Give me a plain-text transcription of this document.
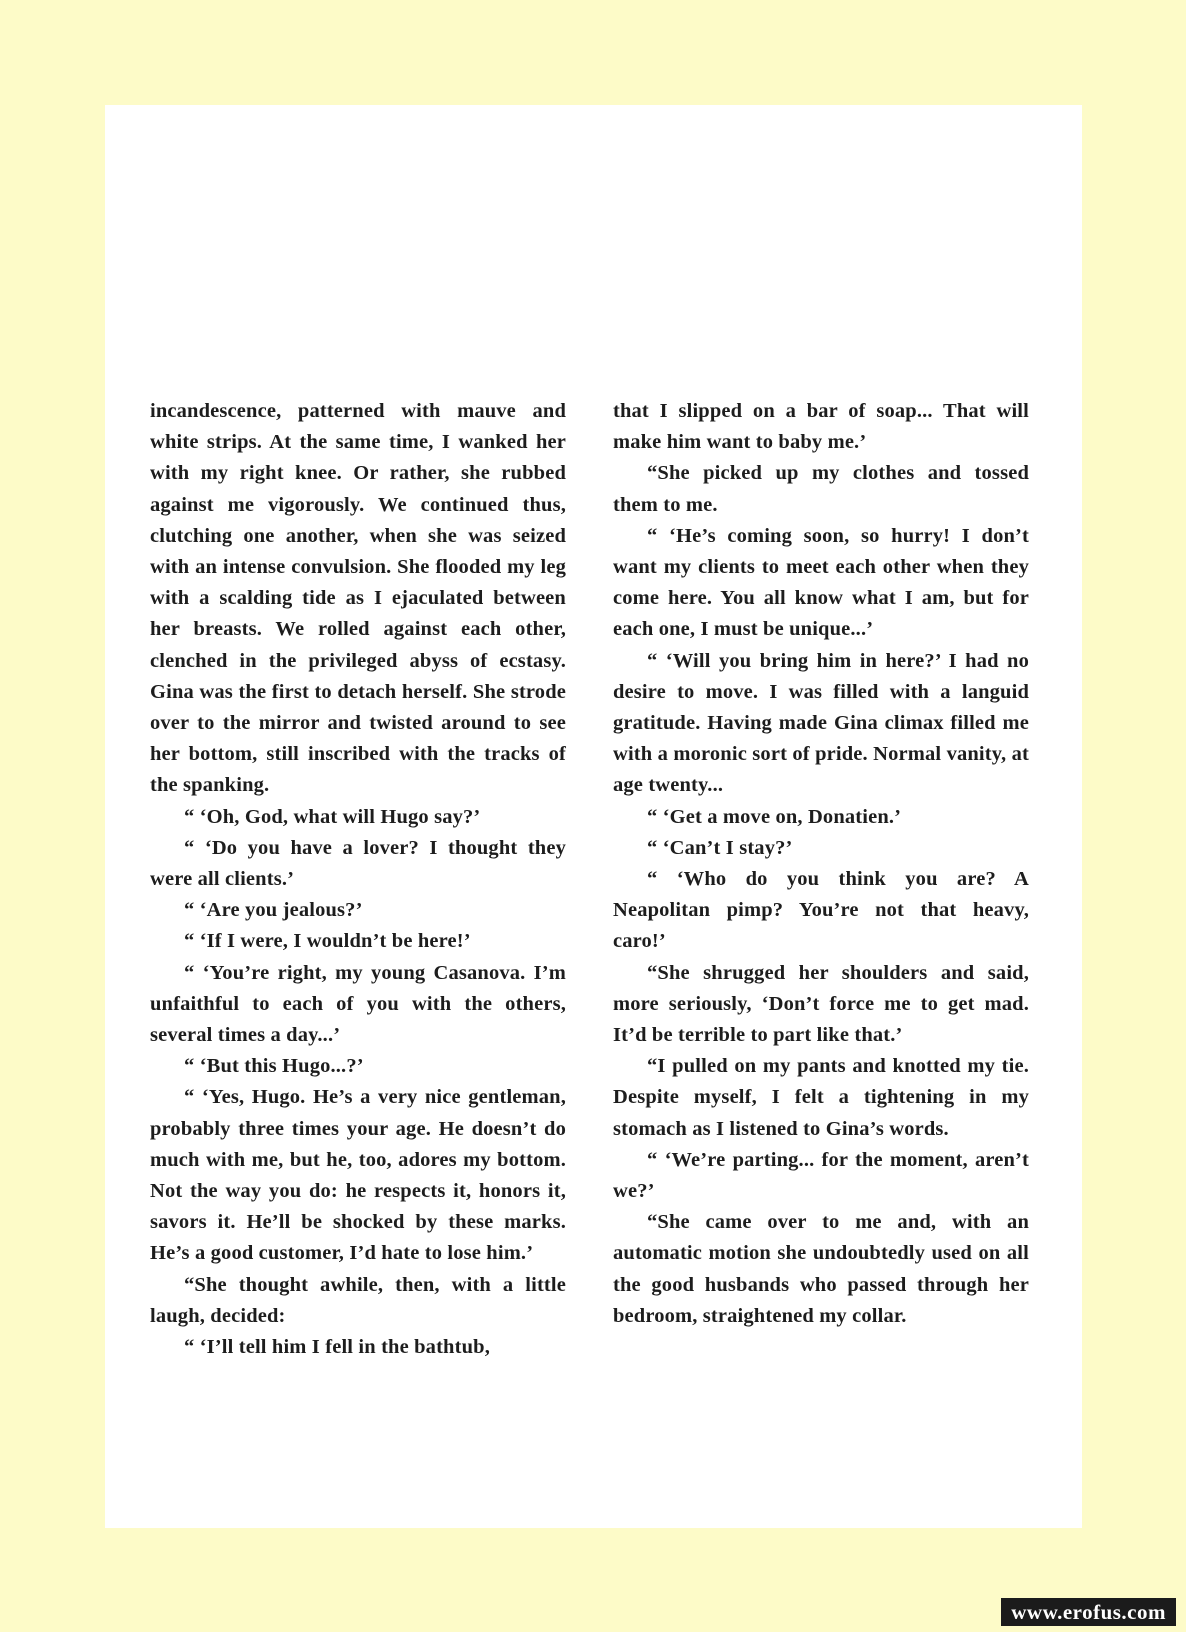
incandescence, patterned with mauve and white strips. At the same time, I wanked her with my right knee. Or rather, she rubbed against me vigorously. We continued thus, clutching one another, when she was seized with an intense convulsion. She flooded my leg with a scalding tide as I ejaculated between her breasts. We rolled against each other, clenched in the privileged abyss of ecstasy. Gina was the first to detach herself. She strode over to the mirror and twisted around to see her bottom, still inscribed with the tracks of the spanking.

“ ‘Oh, God, what will Hugo say?’

“ ‘Do you have a lover? I thought they were all clients.’

“ ‘Are you jealous?’

“ ‘If I were, I wouldn’t be here!’

“ ‘You’re right, my young Casanova. I’m unfaithful to each of you with the others, several times a day...’

“ ‘But this Hugo...?’

“ ‘Yes, Hugo. He’s a very nice gentleman, probably three times your age. He doesn’t do much with me, but he, too, adores my bottom. Not the way you do: he respects it, honors it, savors it. He’ll be shocked by these marks. He’s a good customer, I’d hate to lose him.’

“She thought awhile, then, with a little laugh, decided:

“ ‘I’ll tell him I fell in the bathtub,

that I slipped on a bar of soap... That will make him want to baby me.’

“She picked up my clothes and tossed them to me.

“ ‘He’s coming soon, so hurry! I don’t want my clients to meet each other when they come here. You all know what I am, but for each one, I must be unique...’

“ ‘Will you bring him in here?’ I had no desire to move. I was filled with a languid gratitude. Having made Gina climax filled me with a moronic sort of pride. Normal vanity, at age twenty...

“ ‘Get a move on, Donatien.’

“ ‘Can’t I stay?’

“ ‘Who do you think you are? A Neapolitan pimp? You’re not that heavy, caro!’

“She shrugged her shoulders and said, more seriously, ‘Don’t force me to get mad. It’d be terrible to part like that.’

“I pulled on my pants and knotted my tie. Despite myself, I felt a tightening in my stomach as I listened to Gina’s words.

“ ‘We’re parting... for the moment, aren’t we?’

“She came over to me and, with an automatic motion she undoubtedly used on all the good husbands who passed through her bedroom, straightened my collar.

www.erofus.com
